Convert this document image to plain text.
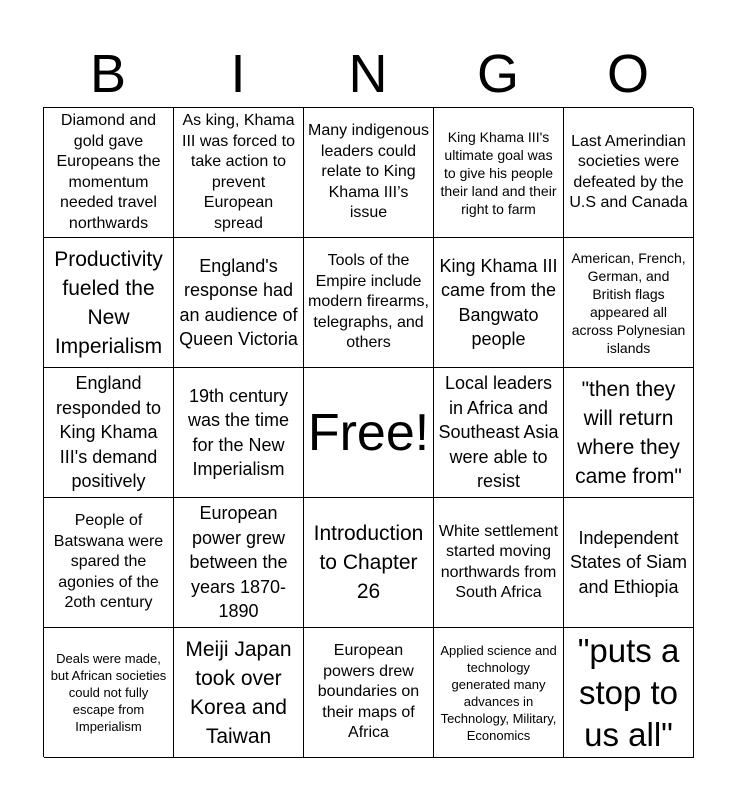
B	I	N	G	O
Diamond and gold gave Europeans the momentum needed travel northwards
As king, Khama III was forced to take action to prevent European spread
Many indigenous leaders could relate to King Khama III’s issue
King Khama III's ultimate goal was to give his people their land and their right to farm
Last Amerindian societies were defeated by the U.S and Canada
Productivity fueled the New Imperialism
England's response had an audience of Queen Victoria
Tools of the Empire include modern firearms, telegraphs, and others
King Khama III came from the Bangwato people
American, French, German, and British flags appeared all across Polynesian islands
England responded to King Khama III's demand positively
19th century was the time for the New Imperialism
Free!
Local leaders in Africa and Southeast Asia were able to resist
"then they will return where they came from"
People of Batswana were spared the agonies of the 2oth century
European power grew between the years 1870-1890
Introduction to Chapter 26
White settlement started moving northwards from South Africa
Independent States of Siam and Ethiopia
Deals were made, but African societies could not fully escape from Imperialism
Meiji Japan took over Korea and Taiwan
European powers drew boundaries on their maps of Africa
Applied science and technology generated many advances in Technology, Military, Economics
"puts a stop to us all"
